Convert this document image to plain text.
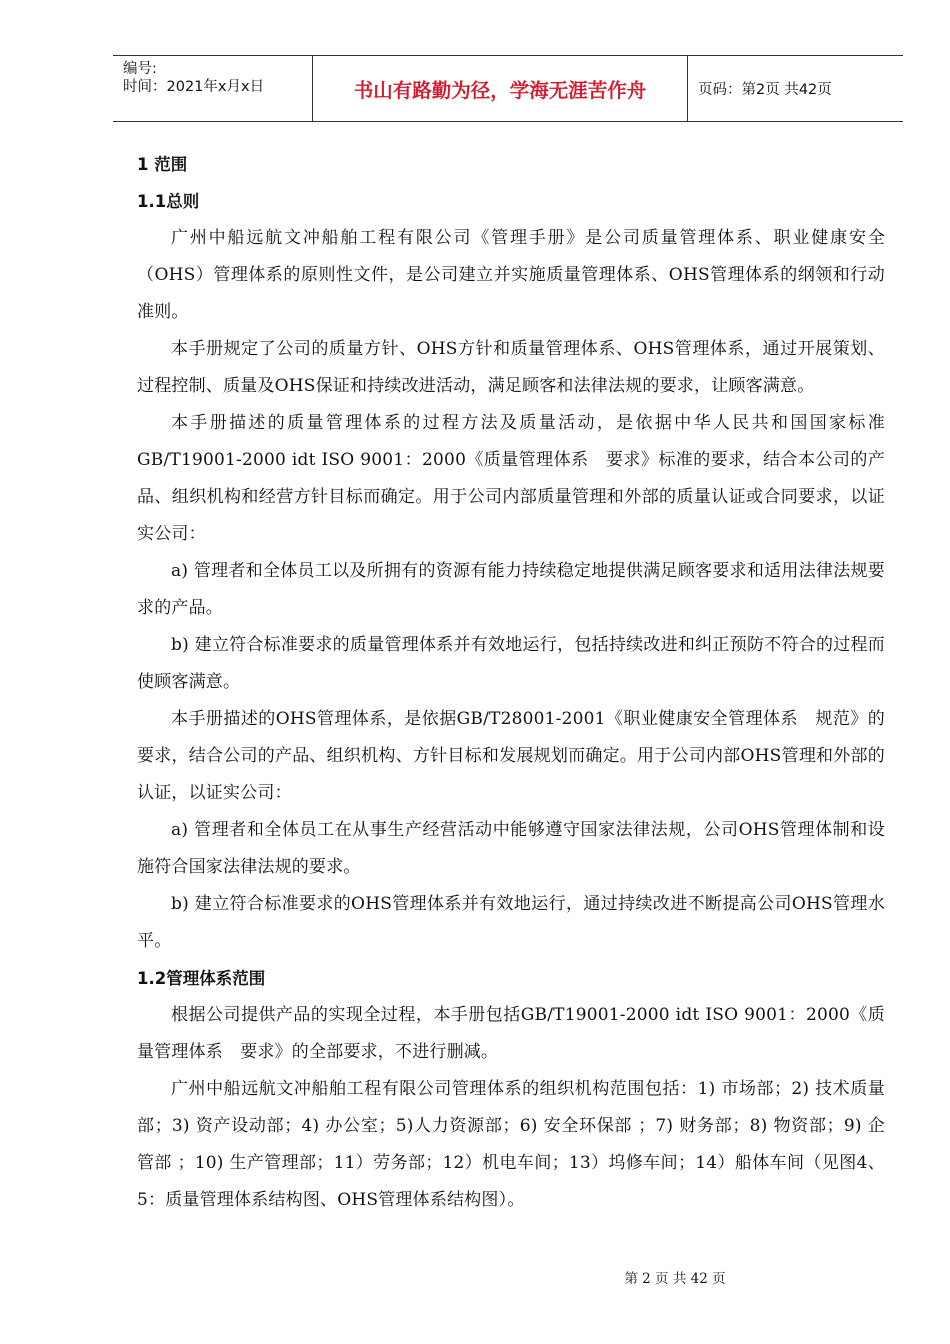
编号:
时间：2021年x月x日	书山有路勤为径，学海无涯苦作舟	页码：第2页 共42页
1 范围
1.1总则

广州中船远航文冲船舶工程有限公司《管理手册》是公司质量管理体系、职业健康安全（OHS）管理体系的原则性文件，是公司建立并实施质量管理体系、OHS管理体系的纲领和行动准则。

本手册规定了公司的质量方针、OHS方针和质量管理体系、OHS管理体系，通过开展策划、过程控制、质量及OHS保证和持续改进活动，满足顾客和法律法规的要求，让顾客满意。

本手册描述的质量管理体系的过程方法及质量活动，是依据中华人民共和国国家标准GB/T19001-2000 idt ISO 9001：2000《质量管理体系　要求》标准的要求，结合本公司的产品、组织机构和经营方针目标而确定。用于公司内部质量管理和外部的质量认证或合同要求，以证实公司：

a) 管理者和全体员工以及所拥有的资源有能力持续稳定地提供满足顾客要求和适用法律法规要求的产品。

b) 建立符合标准要求的质量管理体系并有效地运行，包括持续改进和纠正预防不符合的过程而使顾客满意。

本手册描述的OHS管理体系，是依据GB/T28001-2001《职业健康安全管理体系　规范》的要求，结合公司的产品、组织机构、方针目标和发展规划而确定。用于公司内部OHS管理和外部的认证，以证实公司：

a) 管理者和全体员工在从事生产经营活动中能够遵守国家法律法规，公司OHS管理体制和设施符合国家法律法规的要求。

b) 建立符合标准要求的OHS管理体系并有效地运行，通过持续改进不断提高公司OHS管理水平。

1.2管理体系范围

根据公司提供产品的实现全过程，本手册包括GB/T19001-2000 idt ISO 9001：2000《质量管理体系　要求》的全部要求，不进行删减。

广州中船远航文冲船舶工程有限公司管理体系的组织机构范围包括：1) 市场部；2) 技术质量部；3) 资产设动部；4) 办公室；5)人力资源部；6) 安全环保部 ；7) 财务部；8) 物资部；9) 企管部 ；10) 生产管理部；11）劳务部；12）机电车间；13）坞修车间；14）船体车间（见图4、5：质量管理体系结构图、OHS管理体系结构图）。

第 2 页 共 42 页
